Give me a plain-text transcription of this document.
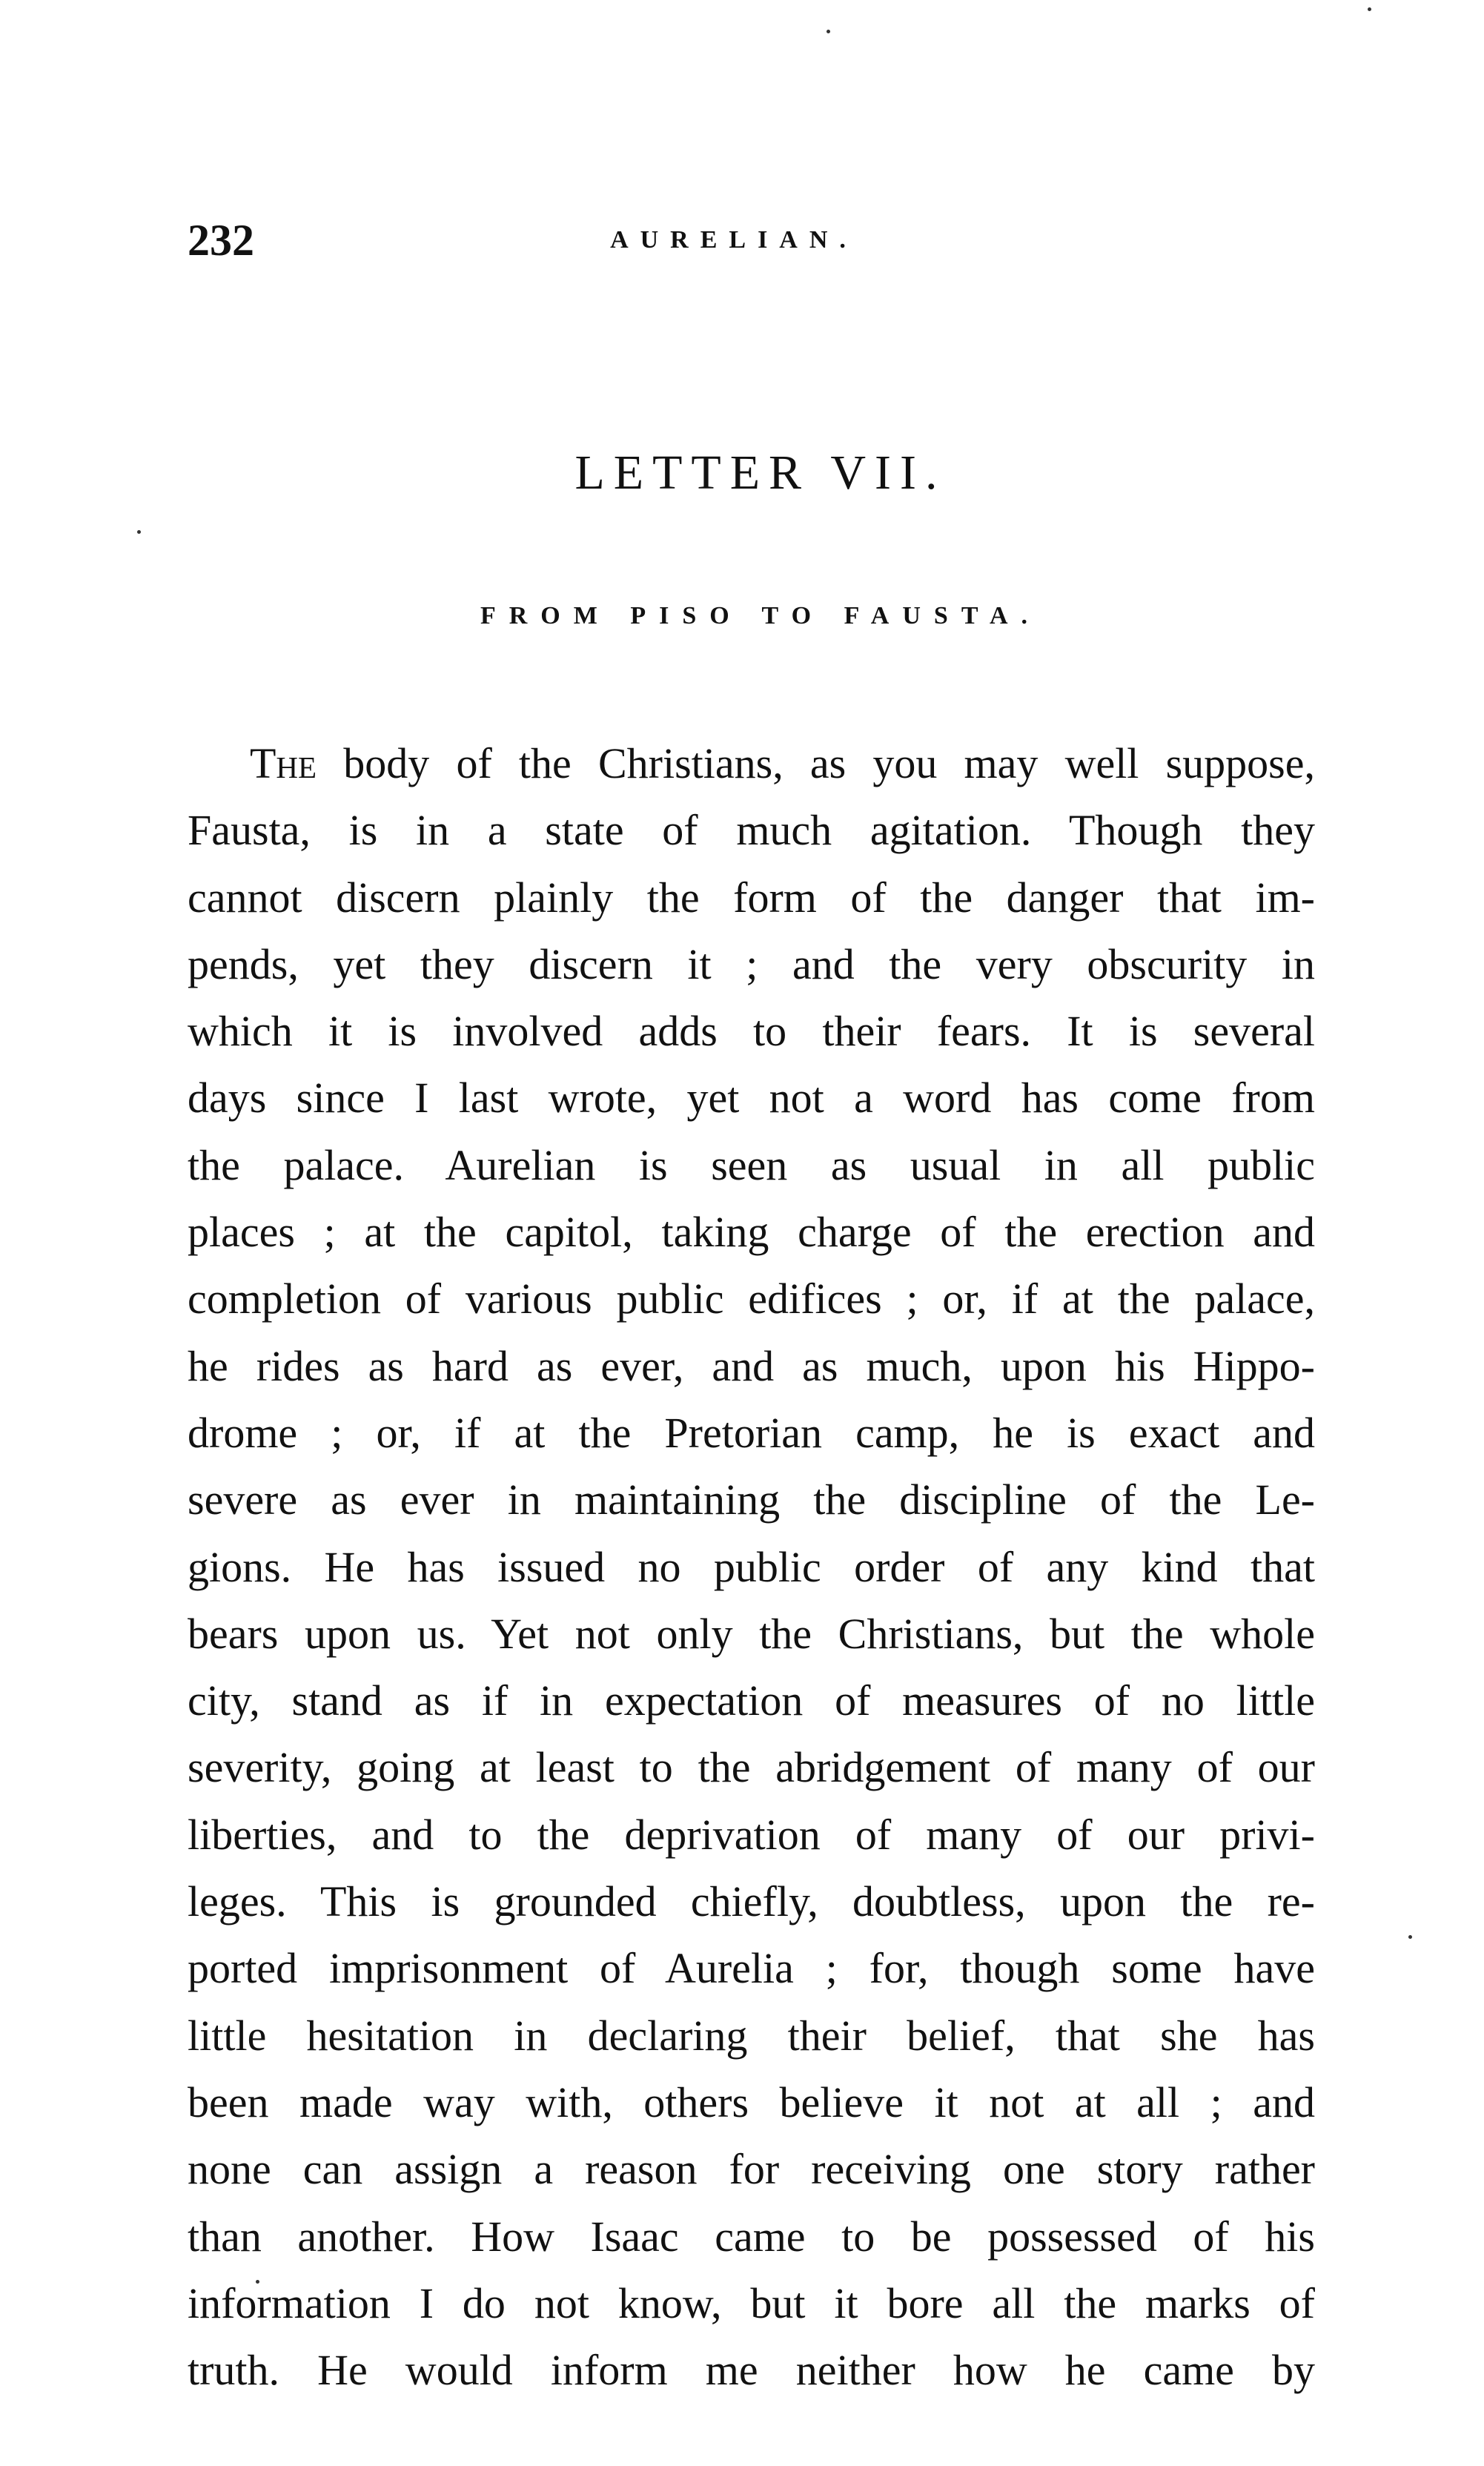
232	AURELIAN.
LETTER VII.
FROM PISO TO FAUSTA.
The body of the Christians, as you may well suppose,
Fausta, is in a state of much agitation. Though they
cannot discern plainly the form of the danger that im-
pends, yet they discern it ; and the very obscurity in
which it is involved adds to their fears. It is several
days since I last wrote, yet not a word has come from
the palace. Aurelian is seen as usual in all public
places ; at the capitol, taking charge of the erection and
completion of various public edifices ; or, if at the palace,
he rides as hard as ever, and as much, upon his Hippo-
drome ; or, if at the Pretorian camp, he is exact and
severe as ever in maintaining the discipline of the Le-
gions. He has issued no public order of any kind that
bears upon us. Yet not only the Christians, but the whole
city, stand as if in expectation of measures of no little
severity, going at least to the abridgement of many of our
liberties, and to the deprivation of many of our privi-
leges. This is grounded chiefly, doubtless, upon the re-
ported imprisonment of Aurelia ; for, though some have
little hesitation in declaring their belief, that she has
been made way with, others believe it not at all ; and
none can assign a reason for receiving one story rather
than another. How Isaac came to be possessed of his
information I do not know, but it bore all the marks of
truth. He would inform me neither how he came by
